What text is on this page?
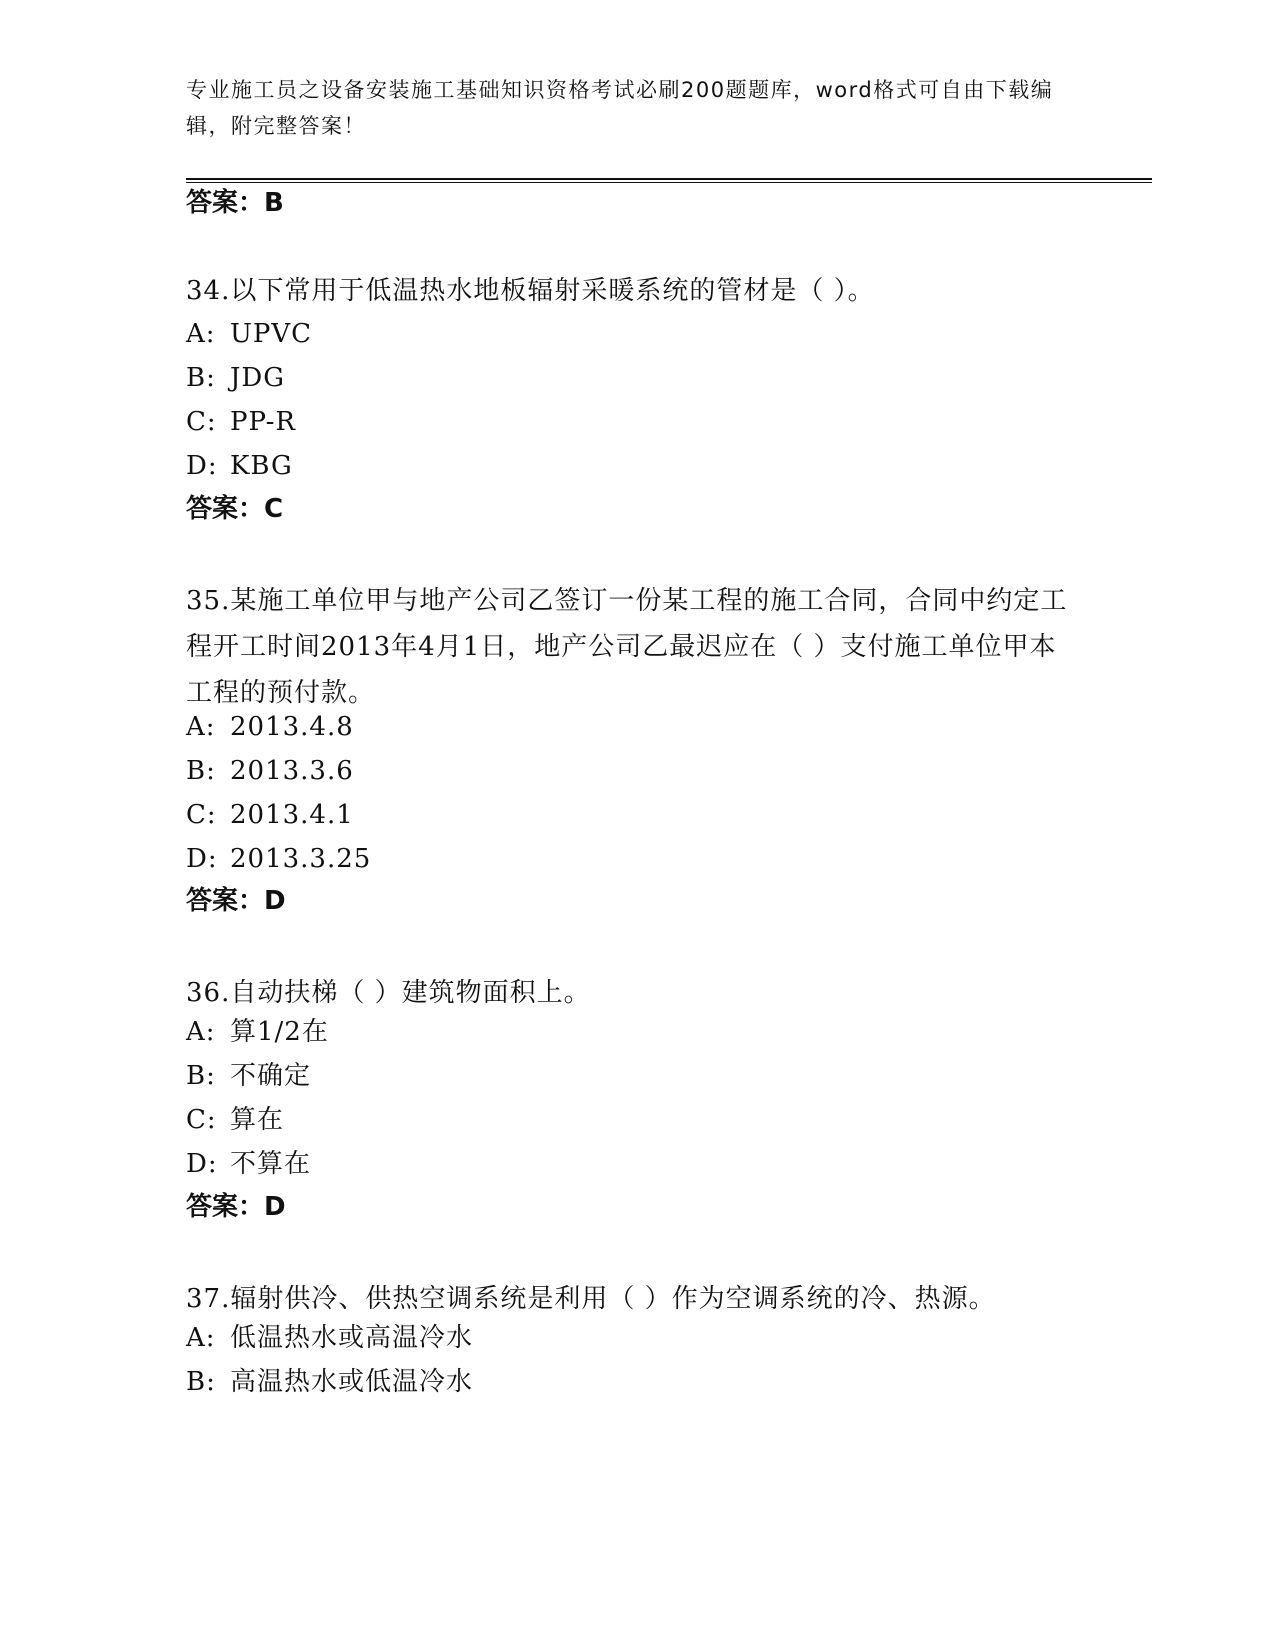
专业施工员之设备安装施工基础知识资格考试必刷200题题库，word格式可自由下载编辑，附完整答案！
答案：B

34.以下常用于低温热水地板辐射采暖系统的管材是（ ）。

A: UPVC
B: JDG
C: PP-R
D: KBG
答案：C

35.某施工单位甲与地产公司乙签订一份某工程的施工合同，合同中约定工程开工时间2013年4月1日，地产公司乙最迟应在（ ）支付施工单位甲本工程的预付款。

A: 2013.4.8
B: 2013.3.6
C: 2013.4.1
D: 2013.3.25
答案：D

36.自动扶梯（ ）建筑物面积上。

A: 算1/2在
B: 不确定
C: 算在
D: 不算在
答案：D

37.辐射供冷、供热空调系统是利用（ ）作为空调系统的冷、热源。

A: 低温热水或高温冷水
B: 高温热水或低温冷水
